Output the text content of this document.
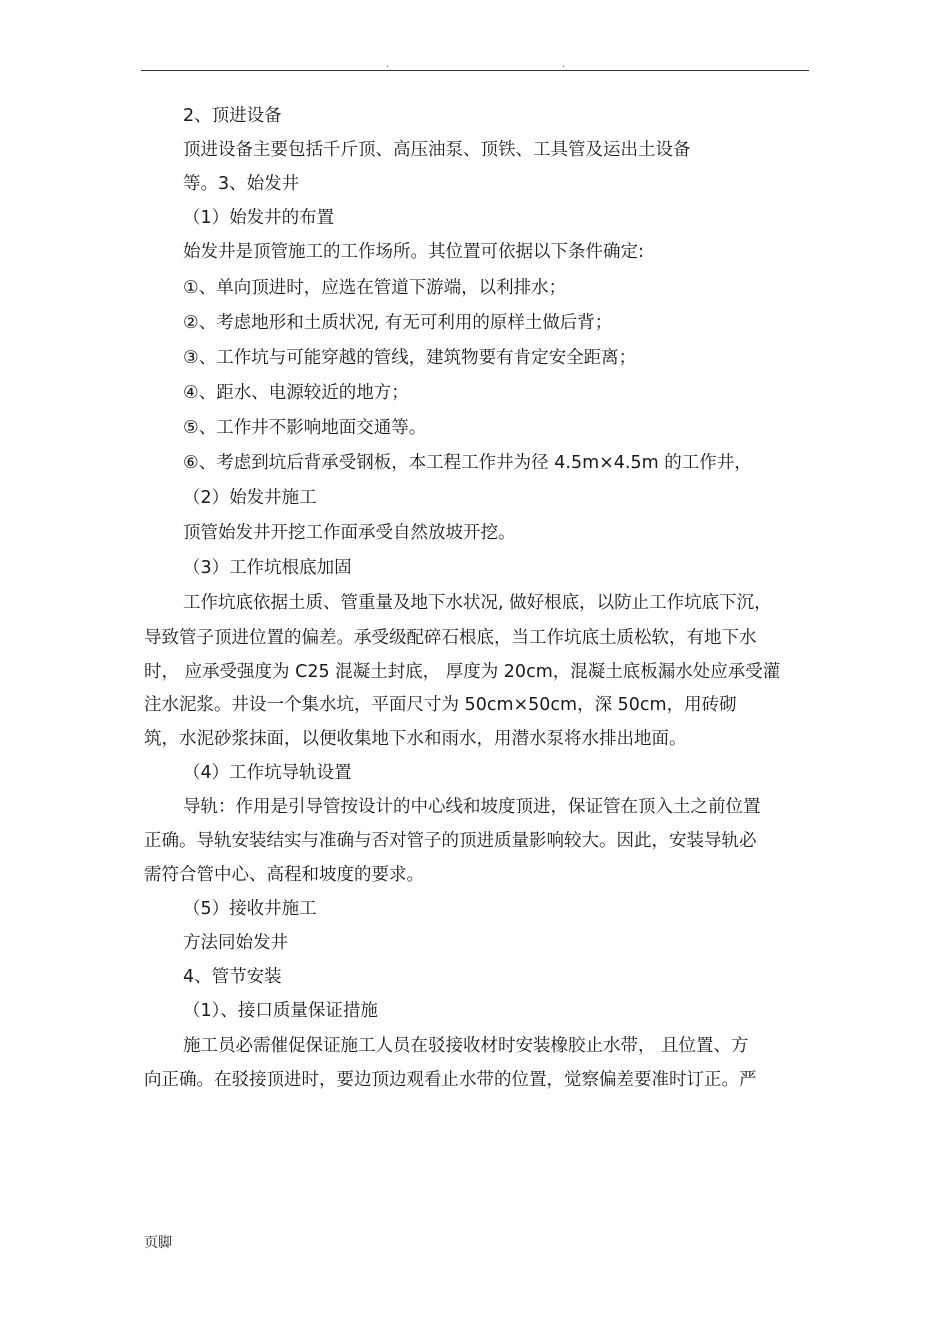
.	.
2、顶进设备
顶进设备主要包括千斤顶、高压油泵、顶铁、工具管及运出土设备
等。3、始发井
（1）始发井的布置
始发井是顶管施工的工作场所。其位置可依据以下条件确定:
①、单向顶进时，应选在管道下游端，以利排水；
②、考虑地形和土质状况, 有无可利用的原样土做后背；
③、工作坑与可能穿越的管线，建筑物要有肯定安全距离；
④、距水、电源较近的地方；
⑤、工作井不影响地面交通等。
⑥、考虑到坑后背承受钢板，本工程工作井为径 4.5m×4.5m 的工作井，
（2）始发井施工
顶管始发井开挖工作面承受自然放坡开挖。
（3）工作坑根底加固
工作坑底依据土质、管重量及地下水状况, 做好根底，以防止工作坑底下沉，
导致管子顶进位置的偏差。承受级配碎石根底，当工作坑底土质松软，有地下水
时， 应承受强度为 C25 混凝土封底， 厚度为 20cm，混凝土底板漏水处应承受灌
注水泥浆。井设一个集水坑，平面尺寸为 50cm×50cm，深 50cm，用砖砌
筑，水泥砂浆抹面，以便收集地下水和雨水，用潜水泵将水排出地面。
（4）工作坑导轨设置
导轨：作用是引导管按设计的中心线和坡度顶进，保证管在顶入土之前位置
正确。导轨安装结实与准确与否对管子的顶进质量影响较大。因此，安装导轨必
需符合管中心、高程和坡度的要求。
（5）接收井施工
方法同始发井
4、管节安装
（1）、接口质量保证措施
施工员必需催促保证施工人员在驳接收材时安装橡胶止水带， 且位置、方
向正确。在驳接顶进时，要边顶边观看止水带的位置，觉察偏差要准时订正。严
页脚
